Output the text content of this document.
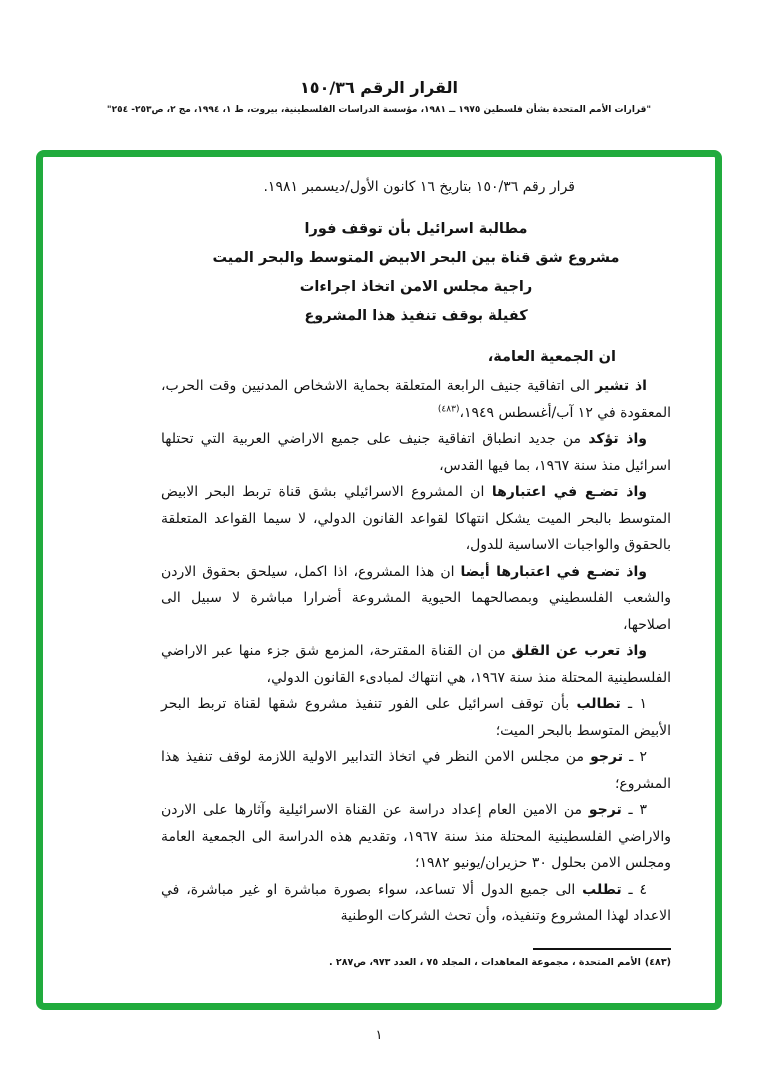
القرار الرقم ١٥٠/٣٦
"قرارات الأمم المتحدة بشأن فلسطين ١٩٧٥ ــ ١٩٨١، مؤسسة الدراسات الفلسطينية، بيروت، ط ١، ١٩٩٤، مج ٢، ص٢٥٣- ٢٥٤"
قرار رقم ١٥٠/٣٦ بتاريخ ١٦ كانون الأول/ديسمبر ١٩٨١.
مطالبة اسرائيل بأن توقف فورا
مشروع شق قناة بين البحر الابيض المتوسط والبحر الميت
راجية مجلس الامن اتخاذ اجراءات
كفيلة بوقف تنفيذ هذا المشروع
ان الجمعية العامة،

اذ تشير الى اتفاقية جنيف الرابعة المتعلقة بحماية الاشخاص المدنيين وقت الحرب، المعقودة في ١٢ آب/أغسطس ١٩٤٩،$^{(٤٨٣)}$

واذ تؤكد من جديد انطباق اتفاقية جنيف على جميع الاراضي العربية التي تحتلها اسرائيل منذ سنة ١٩٦٧، بما فيها القدس،

واذ تضـع في اعتبارها ان المشروع الاسرائيلي بشق قناة تربط البحر الابيض المتوسط بالبحر الميت يشكل انتهاكا لقواعد القانون الدولي، لا سيما القواعد المتعلقة بالحقوق والواجبات الاساسية للدول،

واذ تضـع في اعتبارها أيضا ان هذا المشروع، اذا اكمل، سيلحق بحقوق الاردن والشعب الفلسطيني وبمصالحهما الحيوية المشروعة أضرارا مباشرة لا سبيل الى اصلاحها،

واذ تعرب عن القلق من ان القناة المقترحة، المزمع شق جزء منها عبر الاراضي الفلسطينية المحتلة منذ سنة ١٩٦٧، هي انتهاك لمبادىء القانون الدولي،

١ ـ تطالب بأن توقف اسرائيل على الفور تنفيذ مشروع شقها لقناة تربط البحر الأبيض المتوسط بالبحر الميت؛

٢ ـ ترجو من مجلس الامن النظر في اتخاذ التدابير الاولية اللازمة لوقف تنفيذ هذا المشروع؛

٣ ـ ترجو من الامين العام إعداد دراسة عن القناة الاسرائيلية وآثارها على الاردن والاراضي الفلسطينية المحتلة منذ سنة ١٩٦٧، وتقديم هذه الدراسة الى الجمعية العامة ومجلس الامن بحلول ٣٠ حزيران/يونيو ١٩٨٢؛

٤ ـ تطلب الى جميع الدول ألا تساعد، سواء بصورة مباشرة او غير مباشرة، في الاعداد لهذا المشروع وتنفيذه، وأن تحث الشركات الوطنية

(٤٨٣)الأمم المتحدة ، مجموعة المعاهدات ، المجلد ٧٥ ، العدد ٩٧٣، ص٢٨٧ .
١
